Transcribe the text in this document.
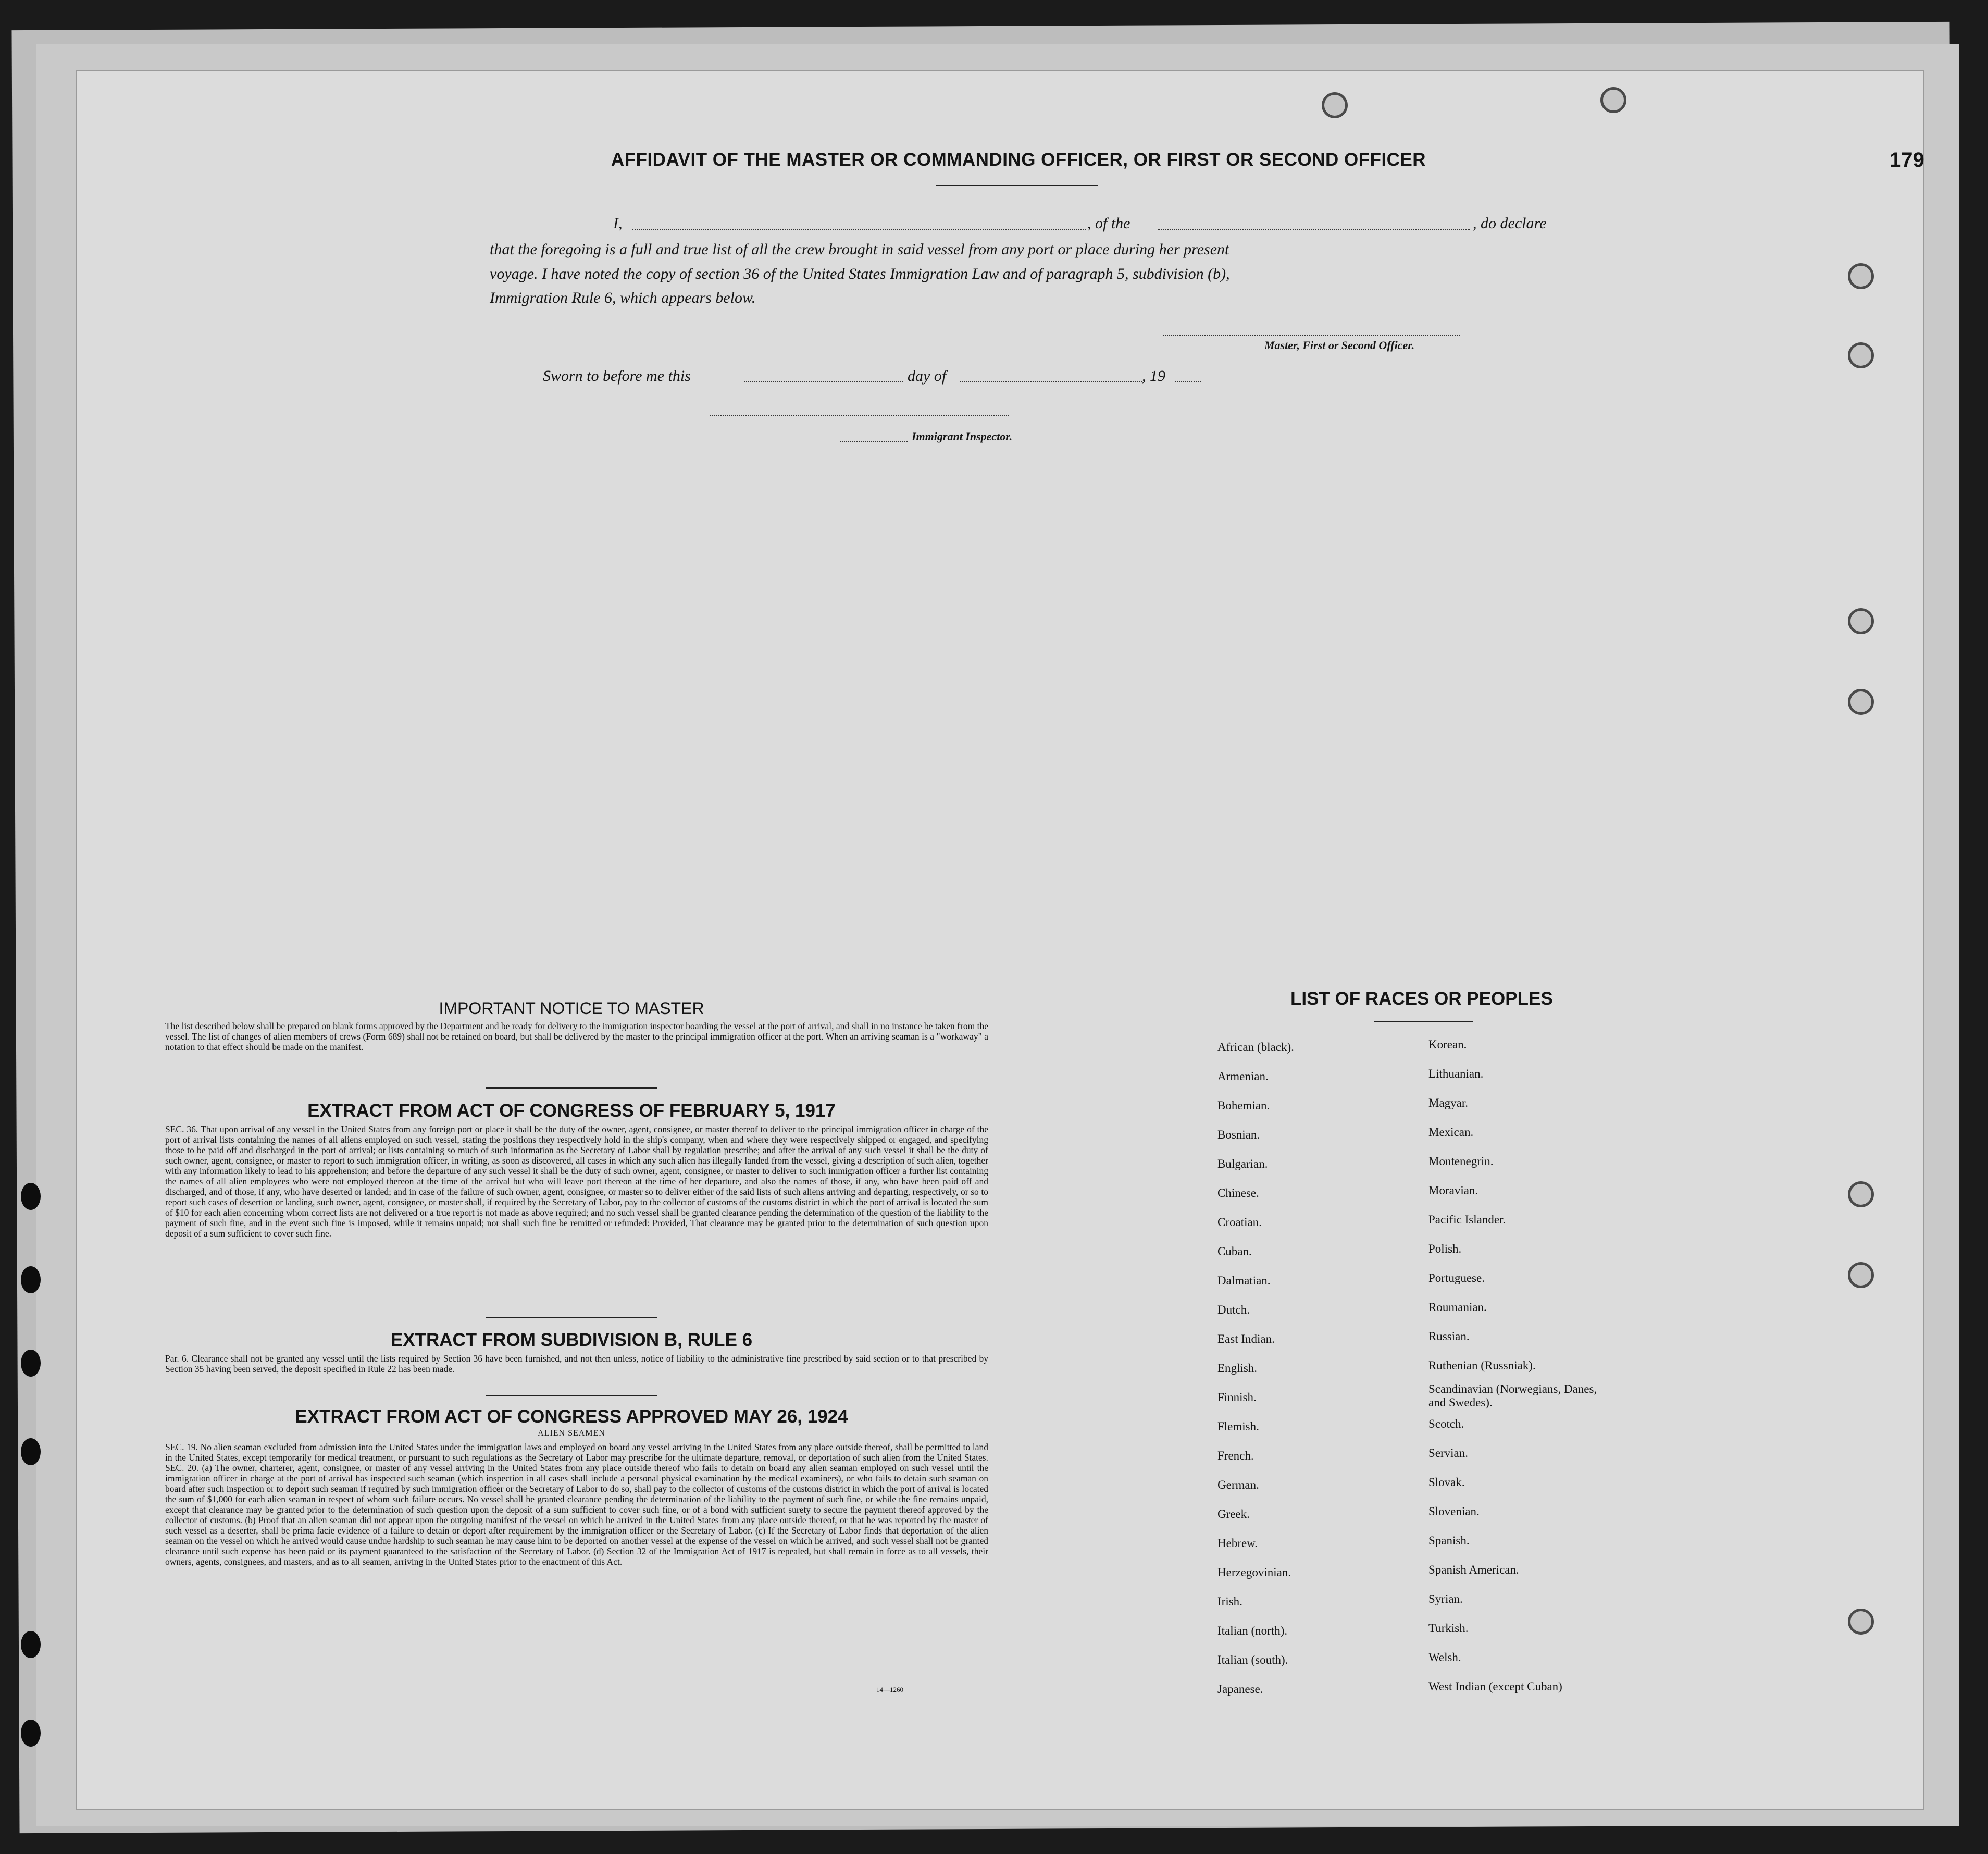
179
AFFIDAVIT OF THE MASTER OR COMMANDING OFFICER, OR FIRST OR SECOND OFFICER
I,	, of the	, do declare
that the foregoing is a full and true list of all the crew brought in said vessel from any port or place during her present
voyage. I have noted the copy of section 36 of the United States Immigration Law and of paragraph 5, subdivision (b),
Immigration Rule 6, which appears below.
Master, First or Second Officer.
Sworn to before me this	day of	, 19
Immigrant Inspector.
IMPORTANT NOTICE TO MASTER
The list described below shall be prepared on blank forms approved by the Department and be ready for delivery to the immigration inspector boarding the vessel at the port of arrival, and shall in no instance be taken from the vessel. The list of changes of alien members of crews (Form 689) shall not be retained on board, but shall be delivered by the master to the principal immigration officer at the port. When an arriving seaman is a "workaway" a notation to that effect should be made on the manifest.
EXTRACT FROM ACT OF CONGRESS OF FEBRUARY 5, 1917
SEC. 36. That upon arrival of any vessel in the United States from any foreign port or place it shall be the duty of the owner, agent, consignee, or master thereof to deliver to the principal immigration officer in charge of the port of arrival lists containing the names of all aliens employed on such vessel, stating the positions they respectively hold in the ship's company, when and where they were respectively shipped or engaged, and specifying those to be paid off and discharged in the port of arrival; or lists containing so much of such information as the Secretary of Labor shall by regulation prescribe; and after the arrival of any such vessel it shall be the duty of such owner, agent, consignee, or master to report to such immigration officer, in writing, as soon as discovered, all cases in which any such alien has illegally landed from the vessel, giving a description of such alien, together with any information likely to lead to his apprehension; and before the departure of any such vessel it shall be the duty of such owner, agent, consignee, or master to deliver to such immigration officer a further list containing the names of all alien employees who were not employed thereon at the time of the arrival but who will leave port thereon at the time of her departure, and also the names of those, if any, who have been paid off and discharged, and of those, if any, who have deserted or landed; and in case of the failure of such owner, agent, consignee, or master so to deliver either of the said lists of such aliens arriving and departing, respectively, or so to report such cases of desertion or landing, such owner, agent, consignee, or master shall, if required by the Secretary of Labor, pay to the collector of customs of the customs district in which the port of arrival is located the sum of $10 for each alien concerning whom correct lists are not delivered or a true report is not made as above required; and no such vessel shall be granted clearance pending the determination of the question of the liability to the payment of such fine, and in the event such fine is imposed, while it remains unpaid; nor shall such fine be remitted or refunded: Provided, That clearance may be granted prior to the determination of such question upon deposit of a sum sufficient to cover such fine.
EXTRACT FROM SUBDIVISION B, RULE 6
Par. 6. Clearance shall not be granted any vessel until the lists required by Section 36 have been furnished, and not then unless, notice of liability to the administrative fine prescribed by said section or to that prescribed by Section 35 having been served, the deposit specified in Rule 22 has been made.
EXTRACT FROM ACT OF CONGRESS APPROVED MAY 26, 1924
ALIEN SEAMEN
SEC. 19. No alien seaman excluded from admission into the United States under the immigration laws and employed on board any vessel arriving in the United States from any place outside thereof, shall be permitted to land in the United States, except temporarily for medical treatment, or pursuant to such regulations as the Secretary of Labor may prescribe for the ultimate departure, removal, or deportation of such alien from the United States. SEC. 20. (a) The owner, charterer, agent, consignee, or master of any vessel arriving in the United States from any place outside thereof who fails to detain on board any alien seaman employed on such vessel until the immigration officer in charge at the port of arrival has inspected such seaman (which inspection in all cases shall include a personal physical examination by the medical examiners), or who fails to detain such seaman on board after such inspection or to deport such seaman if required by such immigration officer or the Secretary of Labor to do so, shall pay to the collector of customs of the customs district in which the port of arrival is located the sum of $1,000 for each alien seaman in respect of whom such failure occurs. No vessel shall be granted clearance pending the determination of the liability to the payment of such fine, or while the fine remains unpaid, except that clearance may be granted prior to the determination of such question upon the deposit of a sum sufficient to cover such fine, or of a bond with sufficient surety to secure the payment thereof approved by the collector of customs. (b) Proof that an alien seaman did not appear upon the outgoing manifest of the vessel on which he arrived in the United States from any place outside thereof, or that he was reported by the master of such vessel as a deserter, shall be prima facie evidence of a failure to detain or deport after requirement by the immigration officer or the Secretary of Labor. (c) If the Secretary of Labor finds that deportation of the alien seaman on the vessel on which he arrived would cause undue hardship to such seaman he may cause him to be deported on another vessel at the expense of the vessel on which he arrived, and such vessel shall not be granted clearance until such expense has been paid or its payment guaranteed to the satisfaction of the Secretary of Labor. (d) Section 32 of the Immigration Act of 1917 is repealed, but shall remain in force as to all vessels, their owners, agents, consignees, and masters, and as to all seamen, arriving in the United States prior to the enactment of this Act.
14—1260
LIST OF RACES OR PEOPLES
African (black).
Armenian.
Bohemian.
Bosnian.
Bulgarian.
Chinese.
Croatian.
Cuban.
Dalmatian.
Dutch.
East Indian.
English.
Finnish.
Flemish.
French.
German.
Greek.
Hebrew.
Herzegovinian.
Irish.
Italian (north).
Italian (south).
Japanese.
Korean.
Lithuanian.
Magyar.
Mexican.
Montenegrin.
Moravian.
Pacific Islander.
Polish.
Portuguese.
Roumanian.
Russian.
Ruthenian (Russniak).
Scandinavian (Norwegians, Danes, and Swedes).
Scotch.
Servian.
Slovak.
Slovenian.
Spanish.
Spanish American.
Syrian.
Turkish.
Welsh.
West Indian (except Cuban)
